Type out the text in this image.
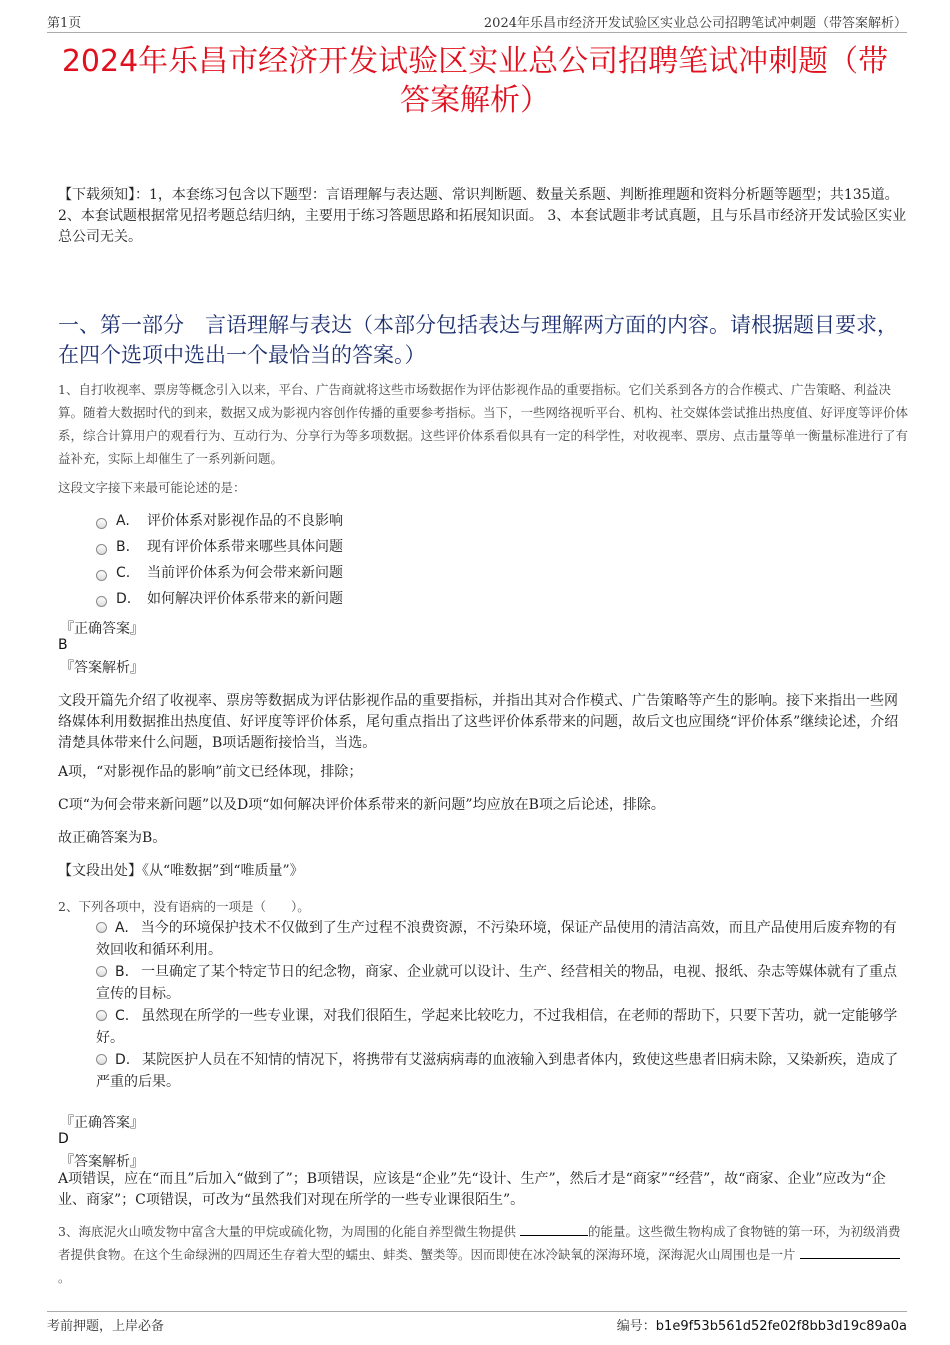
第1页	2024年乐昌市经济开发试验区实业总公司招聘笔试冲刺题（带答案解析）
2024年乐昌市经济开发试验区实业总公司招聘笔试冲刺题（带答案解析）
【下载须知】：1，本套练习包含以下题型：言语理解与表达题、常识判断题、数量关系题、判断推理题和资料分析题等题型；共135道。 2、本套试题根据常见招考题总结归纳，主要用于练习答题思路和拓展知识面。 3、本套试题非考试真题，且与乐昌市经济开发试验区实业总公司无关。
一、第一部分　言语理解与表达（本部分包括表达与理解两方面的内容。请根据题目要求，在四个选项中选出一个最恰当的答案。）
1、自打收视率、票房等概念引入以来，平台、广告商就将这些市场数据作为评估影视作品的重要指标。它们关系到各方的合作模式、广告策略、利益决算。随着大数据时代的到来，数据又成为影视内容创作传播的重要参考指标。当下，一些网络视听平台、机构、社交媒体尝试推出热度值、好评度等评价体系，综合计算用户的观看行为、互动行为、分享行为等多项数据。这些评价体系看似具有一定的科学性，对收视率、票房、点击量等单一衡量标准进行了有益补充，实际上却催生了一系列新问题。
这段文字接下来最可能论述的是：
A.	评价体系对影视作品的不良影响
B.	现有评价体系带来哪些具体问题
C.	当前评价体系为何会带来新问题
D.	如何解决评价体系带来的新问题
『正确答案』
B
『答案解析』
文段开篇先介绍了收视率、票房等数据成为评估影视作品的重要指标，并指出其对合作模式、广告策略等产生的影响。接下来指出一些网络媒体利用数据推出热度值、好评度等评价体系，尾句重点指出了这些评价体系带来的问题，故后文也应围绕“评价体系”继续论述，介绍清楚具体带来什么问题，B项话题衔接恰当，当选。
A项，“对影视作品的影响”前文已经体现，排除；
C项“为何会带来新问题”以及D项“如何解决评价体系带来的新问题”均应放在B项之后论述，排除。
故正确答案为B。
【文段出处】《从“唯数据”到“唯质量”》
2、下列各项中，没有语病的一项是（　　）。
A. 当今的环境保护技术不仅做到了生产过程不浪费资源，不污染环境，保证产品使用的清洁高效，而且产品使用后废弃物的有效回收和循环利用。
B. 一旦确定了某个特定节日的纪念物，商家、企业就可以设计、生产、经营相关的物品，电视、报纸、杂志等媒体就有了重点宣传的目标。
C. 虽然现在所学的一些专业课，对我们很陌生，学起来比较吃力，不过我相信，在老师的帮助下，只要下苦功，就一定能够学好。
D. 某院医护人员在不知情的情况下，将携带有艾滋病病毒的血液输入到患者体内，致使这些患者旧病未除，又染新疾，造成了严重的后果。
『正确答案』
D
『答案解析』
A项错误，应在“而且”后加入“做到了”；B项错误，应该是“企业”先“设计、生产”，然后才是“商家”“经营”，故“商家、企业”应改为“企业、商家”；C项错误，可改为“虽然我们对现在所学的一些专业课很陌生”。
3、海底泥火山喷发物中富含大量的甲烷或硫化物，为周围的化能自养型微生物提供	的能量。这些微生物构成了食物链的第一环，为初级消费者提供食物。在这个生命绿洲的四周还生存着大型的蠕虫、蚌类、蟹类等。因而即使在冰冷缺氧的深海环境，深海泥火山周围也是一片 。
考前押题，上岸必备	编号：b1e9f53b561d52fe02f8bb3d19c89a0a
